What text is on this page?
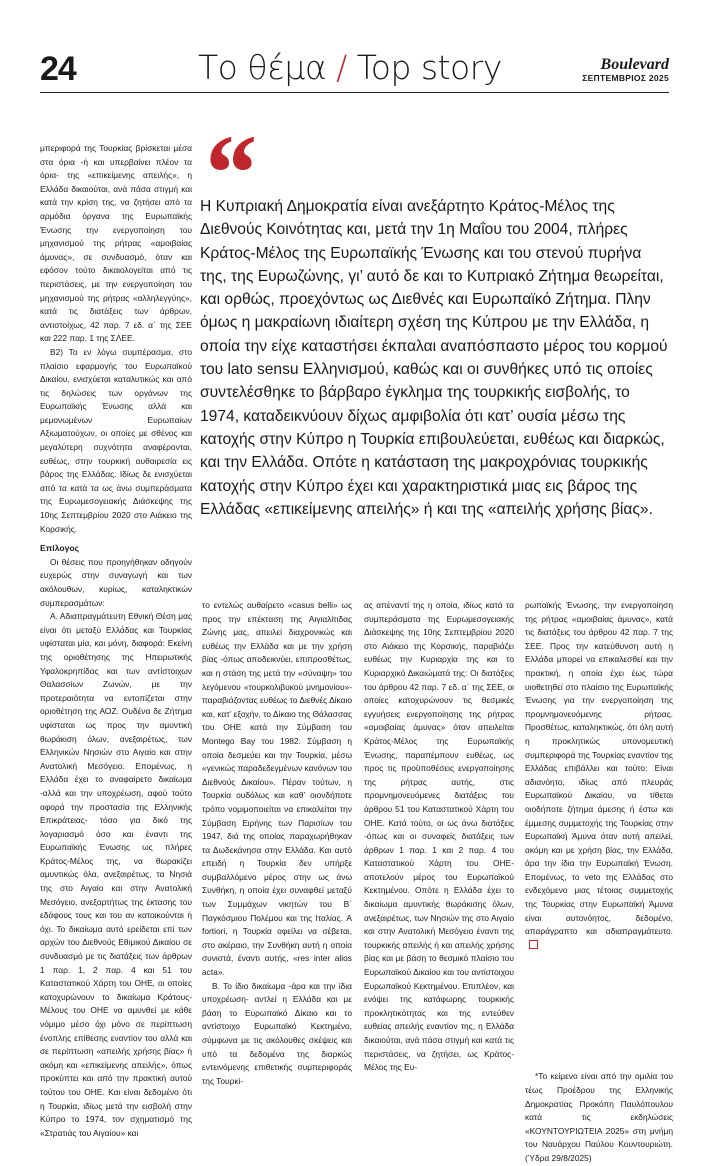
24	Το θέμα / Top story	Boulevard
ΣΕΠΤΕΜΒΡΙΟΣ 2025
“

Η Κυπριακή Δημοκρατία είναι ανεξάρτητο Κράτος-Μέλος της Διεθνούς Κοινότητας και, μετά την 1η Μαΐου του 2004, πλήρες Κράτος-Μέλος της Ευρωπαϊκής Ένωσης και του στενού πυρήνα της, της Ευρωζώνης, γι’ αυτό δε και το Κυπριακό Ζήτημα θεωρείται, και ορθώς, προεχόντως ως Διεθνές και Ευρωπαϊκό Ζήτημα. Πλην όμως η μακραίωνη ιδιαίτερη σχέση της Κύπρου με την Ελλάδα, η οποία την είχε καταστήσει έκπαλαι αναπόσπαστο μέρος του κορμού του lato sensu Ελληνισμού, καθώς και οι συνθήκες υπό τις οποίες συντελέσθηκε το βάρβαρο έγκλημα της τουρκικής εισβολής, το 1974, καταδεικνύουν δίχως αμφιβολία ότι κατ’ ουσία μέσω της κατοχής στην Κύπρο η Τουρκία επιβουλεύεται, ευθέως και διαρκώς, και την Ελλάδα. Οπότε η κατάσταση της μακροχρόνιας τουρκικής κατοχής στην Κύπρο έχει και χαρακτηριστικά μιας εις βάρος της Ελλάδας «επικείμενης απειλής» ή και της «απειλής χρήσης βίας».

μπεριφορά της Τουρκίας βρίσκεται μέσα στα όρια -ή και υπερβαίνει πλέον τα όρια- της «επικείμενης απειλής», η Ελλάδα δικαιούται, ανά πάσα στιγμή και κατά την κρίση της, να ζητήσει από τα αρμόδια όργανα της Ευρωπαϊκής Ένωσης την ενεργοποίηση του μηχανισμού της ρήτρας «αμοιβαίας άμυνας», σε συνδυασμό, όταν και εφόσον τούτο δικαιολογείται από τις περιστάσεις, με την ενεργοποίηση του μηχανισμού της ρήτρας «αλληλεγγύης», κατά τις διατάξεις των άρθρων, αντιστοίχως, 42 παρ. 7 εδ. α΄ της ΣΕΕ και 222 παρ. 1 της ΣΛΕΕ.

Β2) Το εν λόγω συμπέρασμα, στο πλαίσιο εφαρμογής του Ευρωπαϊκού Δικαίου, ενισχύεται καταλυτικώς και από τις δηλώσεις των οργάνων της Ευρωπαϊκής Ένωσης αλλά και μεμονωμένων Ευρωπαίων Αξιωματούχων, οι οποίες με σθένος και μεγαλύτερη συχνότητα αναφέρονται, ευθέως, στην τουρκική αυθαιρεσία εις βάρος της Ελλάδας. Ιδίως δε ενισχύεται από τα κατά τα ως άνω συμπεράσματα της Ευρωμεσογειακής Διάσκεψης της 10ης Σεπτεμβρίου 2020 στο Αιάκειο της Κορσικής.

Επίλογος

Οι θέσεις που προηγήθηκαν οδηγούν ευχερώς στην συναγωγή και των ακόλουθων, κυρίως, καταληκτικών συμπερασμάτων:

Α. Αδιαπραγμάτευτη Εθνική Θέση μας είναι ότι μεταξύ Ελλάδας και Τουρκίας υφίσταται μία, και μόνη, διαφορά: Εκείνη της οριοθέτησης της Ηπειρωτικής Υφαλοκρηπίδας και των αντίστοιχων Θαλασσίων Ζωνών, με την προτεραιότητα να εντοπίζεται στην οριοθέτηση της ΑΟΖ. Ουδένα δε Ζήτημα υφίσταται ως προς την αμυντική θωράκιση όλων, ανεξαιρέτως, των Ελληνικών Νησιών στο Αιγαίο και στην Ανατολική Μεσόγειο. Επομένως, η Ελλάδα έχει το αναφαίρετο δικαίωμα -αλλά και την υποχρέωση, αφού τούτο αφορά την προστασία της Ελληνικής Επικράτειας- τόσο για δικό της λογαριασμό όσο και έναντι της Ευρωπαϊκής Ένωσης ως πλήρες Κράτος-Μέλος της, να θωρακίζει αμυντικώς όλα, ανεξαιρέτως, τα Νησιά της στο Αιγαίο και στην Ανατολική Μεσόγειο, ανεξαρτήτως της έκτασης του εδάφους τους και του αν κατοικούνται ή όχι. Το δικαίωμα αυτό ερείδεται επί των αρχών του Διεθνούς Εθιμικού Δικαίου σε συνδυασμό με τις διατάξεις των άρθρων 1 παρ. 1, 2 παρ. 4 και 51 του Καταστατικού Χάρτη του ΟΗΕ, οι οποίες κατοχυρώνουν το δικαίωμα Κράτους-Μέλους του ΟΗΕ να αμυνθεί με κάθε νόμιμο μέσο όχι μόνο σε περίπτωση ένοπλης επίθεσης εναντίον του αλλά και σε περίπτωση «απειλής χρήσης βίας» ή ακόμη και «επικείμενης απειλής», όπως προκύπτει και από την πρακτική αυτού τούτου του ΟΗΕ. Και είναι δεδομένο ότι η Τουρκία, ιδίως μετά την εισβολή στην Κύπρο το 1974, τον σχηματισμό της «Στρατιάς του Αιγαίου» και

το εντελώς αυθαίρετο «casus belli» ως προς την επέκταση της Αιγιαλίτιδας Ζώνης μας, απειλεί διαχρονικώς και ευθέως την Ελλάδα και με την χρήση βίας -όπως αποδεικνύει, επιπροσθέτως, και η στάση της μετά την «σύναψη» του λεγόμενου «τουρκολιβυκού μνημονίου»- παραβιάζοντας ευθέως το Διεθνές Δίκαιο και, κατ’ εξοχήν, το Δίκαιο της Θάλασσας του ΟΗΕ κατά την Σύμβαση του Montego Bay του 1982. Σύμβαση η οποία δεσμεύει και την Τουρκία, μέσω «γενικώς παραδεδεγμένων κανόνων του Διεθνούς Δικαίου». Πέραν τούτων, η Τουρκία ουδόλως και καθ’ οιονδήποτε τρόπο νομιμοποιείται να επικαλείται την Σύμβαση Ειρήνης των Παρισίων του 1947, διά της οποίας παραχωρήθηκαν τα Δωδεκάνησα στην Ελλάδα. Και αυτό επειδή η Τουρκία δεν υπήρξε συμβαλλόμενο μέρος στην ως άνω Συνθήκη, η οποία έχει συναφθεί μεταξύ των Συμμάχων νικητών του Β΄ Παγκόσμιου Πολέμου και της Ιταλίας. A fortiori, η Τουρκία οφείλει να σέβεται, στο ακέραιο, την Συνθήκη αυτή η οποία συνιστά, έναντι αυτής, «res inter alios acta».

Β. Το ίδιο δικαίωμα -άρα και την ίδια υποχρέωση- αντλεί η Ελλάδα και με βάση το Ευρωπαϊκό Δίκαιο και το αντίστοιχο Ευρωπαϊκό Κεκτημένο, σύμφωνα με τις ακόλουθες σκέψεις και υπό τα δεδομένα της διαρκώς εντεινόμενης επιθετικής συμπεριφοράς της Τουρκί-

ας απέναντί της η οποία, ιδίως κατά τα συμπεράσματα της Ευρωμεσογειακής Διάσκεψης της 10ης Σεπτεμβρίου 2020 στο Αιάκειο της Κορσικής, παραβιάζει ευθέως την Κυριαρχία της και το Κυριαρχικό Δικαιώματά της: Οι διατάξεις του άρθρου 42 παρ. 7 εδ. α΄ της ΣΕΕ, οι οποίες κατοχυρώνουν τις θεσμικές εγγυήσεις ενεργοποίησης της ρήτρας «αμοιβαίας άμυνας» όταν απειλείται Κράτος-Μέλος της Ευρωπαϊκής Ένωσης, παραπέμπουν ευθέως, ως προς τις προϋποθέσεις ενεργοποίησης της ρήτρας αυτής, στις προμνημονευόμενες διατάξεις του άρθρου 51 του Καταστατικού Χάρτη του ΟΗΕ. Κατά τούτο, οι ως άνω διατάξεις -όπως και οι συναφείς διατάξεις των άρθρων 1 παρ. 1 και 2 παρ. 4 του Καταστατικού Χάρτη του ΟΗΕ- αποτελούν μέρος του Ευρωπαϊκού Κεκτημένου. Οπότε η Ελλάδα έχει το δικαίωμα αμυντικής θωράκισης όλων, ανεξαιρέτως, των Νησιών της στο Αιγαίο και στην Ανατολική Μεσόγειο έναντι της τουρκικής απειλής ή και απειλής χρήσης βίας και με βάση το θεσμικό πλαίσιο του Ευρωπαϊκού Δικαίου και του αντίστοιχου Ευρωπαϊκού Κεκτημένου. Επιπλέον, και ενόψει της κατάφωρης τουρκικής προκλητικότητας και της εντεύθεν ευθείας απειλής εναντίον της, η Ελλάδα δικαιούται, ανά πάσα στιγμή και κατά τις περιστάσεις, να ζητήσει, ως Κράτος-Μέλος της Ευ-

ρωπαϊκής Ένωσης, την ενεργοποίηση της ρήτρας «αμοιβαίας άμυνας», κατά τις διατάξεις του άρθρου 42 παρ. 7 της ΣΕΕ. Προς την κατεύθυνση αυτή η Ελλάδα μπορεί να επικαλεσθεί και την πρακτική, η οποία έχει έως τώρα υιοθετηθεί στο πλαίσιο της Ευρωπαϊκής Ένωσης για την ενεργοποίηση της προμνημονευόμενης ρήτρας. Προσθέτως, καταληκτικώς, ότι όλη αυτή η προκλητικώς υπονομευτική συμπεριφορά της Τουρκίας εναντίον της Ελλάδας επιβάλλει και τούτο: Είναι αδιανόητο, ιδίως από πλευράς Ευρωπαϊκού Δικαίου, να τίθεται οιοδήποτε ζήτημα άμεσης ή έστω και έμμεσης συμμετοχής της Τουρκίας στην Ευρωπαϊκή Άμυνα όταν αυτή απειλεί, ακόμη και με χρήση βίας, την Ελλάδα, άρα την ίδια την Ευρωπαϊκή Ένωση. Επομένως, το veto της Ελλάδας στο ενδεχόμενο μιας τέτοιας συμμετοχής της Τουρκίας στην Ευρωπαϊκή Άμυνα είναι αυτονόητος, δεδομένο, απαράγραπτο και αδιαπραγμάτευτο.

*Το κείμενο είναι από την ομιλία του τέως Προέδρου της Ελληνικής Δημοκρατίας Προκόπη Παυλόπουλου κατά τις εκδηλώσεις «ΚΟΥΝΤΟΥΡΙΩΤΕΙΑ 2025» στη μνήμη του Ναυάρχου Παύλου Κουντουριώτη. (Ύδρα 29/8/2025)
